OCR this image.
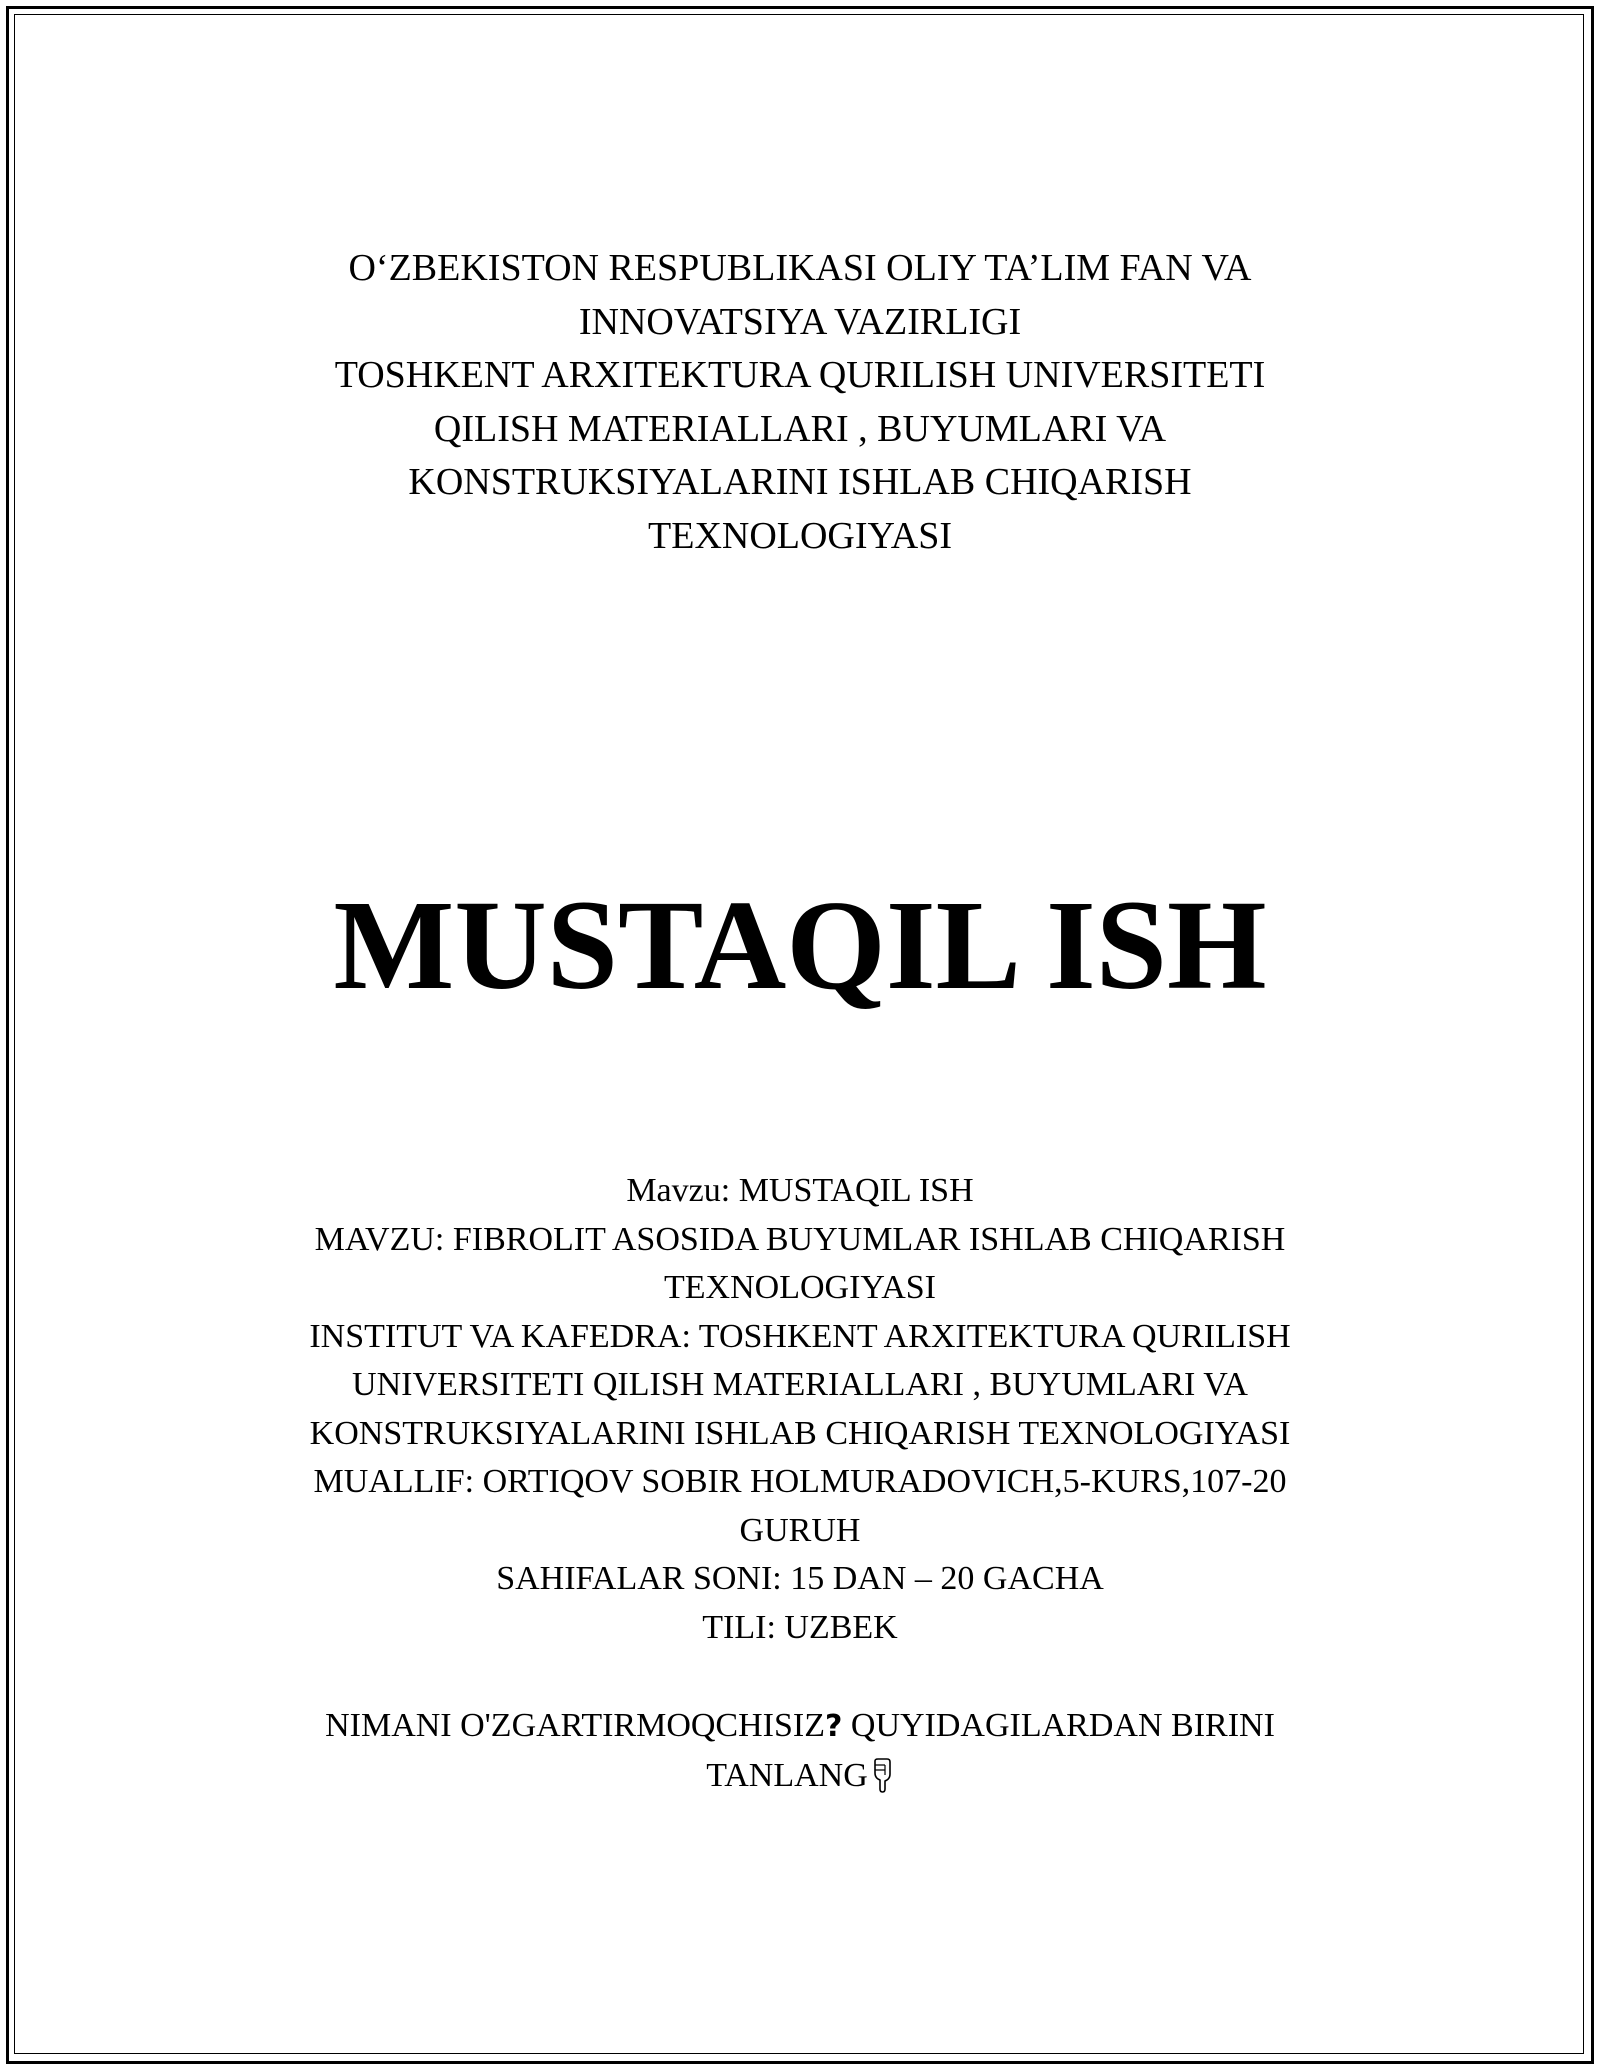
O‘ZBEKISTON RESPUBLIKASI OLIY TA’LIM FAN VA
INNOVATSIYA VAZIRLIGI
TOSHKENT ARXITEKTURA QURILISH UNIVERSITETI
QILISH MATERIALLARI , BUYUMLARI VA
KONSTRUKSIYALARINI ISHLAB CHIQARISH
TEXNOLOGIYASI
MUSTAQIL ISH
Mavzu: MUSTAQIL ISH
MAVZU: FIBROLIT ASOSIDA BUYUMLAR ISHLAB CHIQARISH
TEXNOLOGIYASI
INSTITUT VA KAFEDRA: TOSHKENT ARXITEKTURA QURILISH
UNIVERSITETI QILISH MATERIALLARI , BUYUMLARI VA
KONSTRUKSIYALARINI ISHLAB CHIQARISH TEXNOLOGIYASI
MUALLIF: ORTIQOV SOBIR HOLMURADOVICH,5-KURS,107-20
GURUH
SAHIFALAR SONI: 15 DAN – 20 GACHA
TILI: UZBEK
NIMANI O'ZGARTIRMOQCHISIZ? QUYIDAGILARDAN BIRINI
TANLANG
